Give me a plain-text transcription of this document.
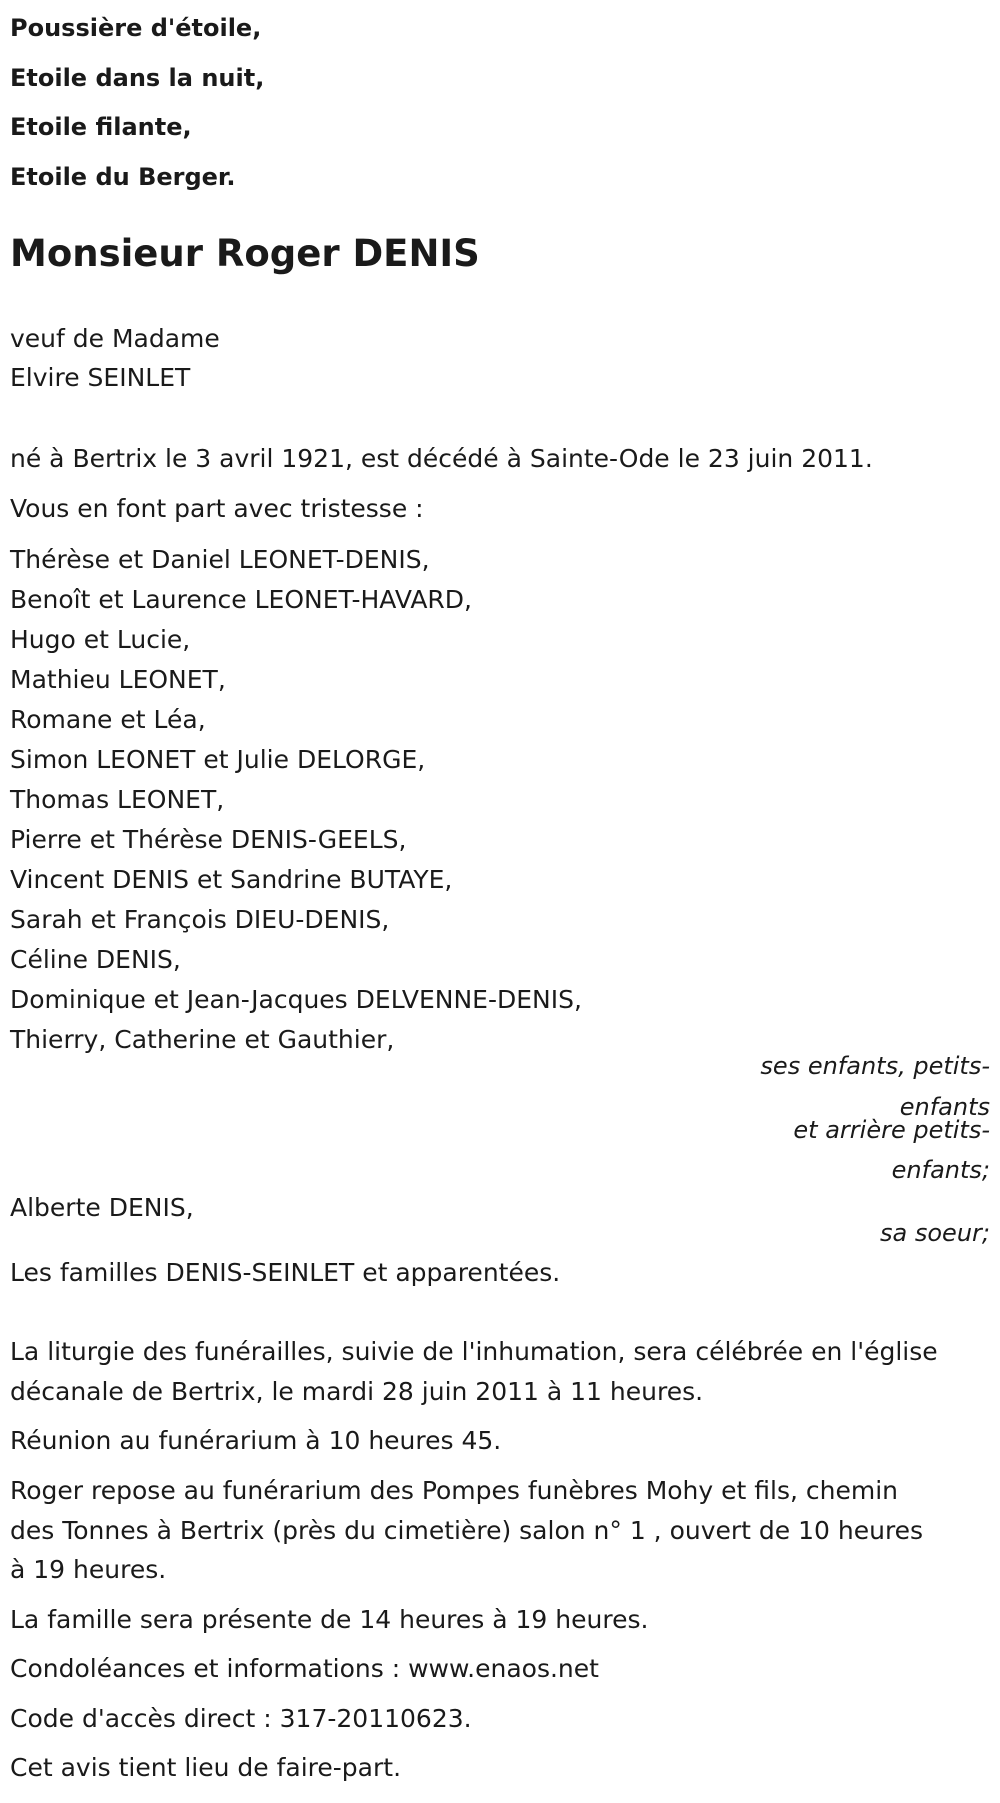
Poussière d'étoile,
Etoile dans la nuit,
Etoile filante,
Etoile du Berger.
Monsieur Roger DENIS
veuf de Madame
Elvire SEINLET
né à Bertrix le 3 avril 1921, est décédé à Sainte-Ode le 23 juin 2011.
Vous en font part avec tristesse :
Thérèse et Daniel LEONET-DENIS,
Benoît et Laurence LEONET-HAVARD,
Hugo et Lucie,
Mathieu LEONET,
Romane et Léa,
Simon LEONET et Julie DELORGE,
Thomas LEONET,
Pierre et Thérèse DENIS-GEELS,
Vincent DENIS et Sandrine BUTAYE,
Sarah et François DIEU-DENIS,
Céline DENIS,
Dominique et Jean-Jacques DELVENNE-DENIS,
Thierry, Catherine et Gauthier,
ses enfants, petits-
enfants
et arrière petits-
enfants;
Alberte DENIS,
sa soeur;
Les familles DENIS-SEINLET et apparentées.
La liturgie des funérailles, suivie de l'inhumation, sera célébrée en l'église
décanale de Bertrix, le mardi 28 juin 2011 à 11 heures.
Réunion au funérarium à 10 heures 45.
Roger repose au funérarium des Pompes funèbres Mohy et fils, chemin
des Tonnes à Bertrix (près du cimetière) salon n° 1 , ouvert de 10 heures
à 19 heures.
La famille sera présente de 14 heures à 19 heures.
Condoléances et informations : www.enaos.net
Code d'accès direct : 317-20110623.
Cet avis tient lieu de faire-part.
